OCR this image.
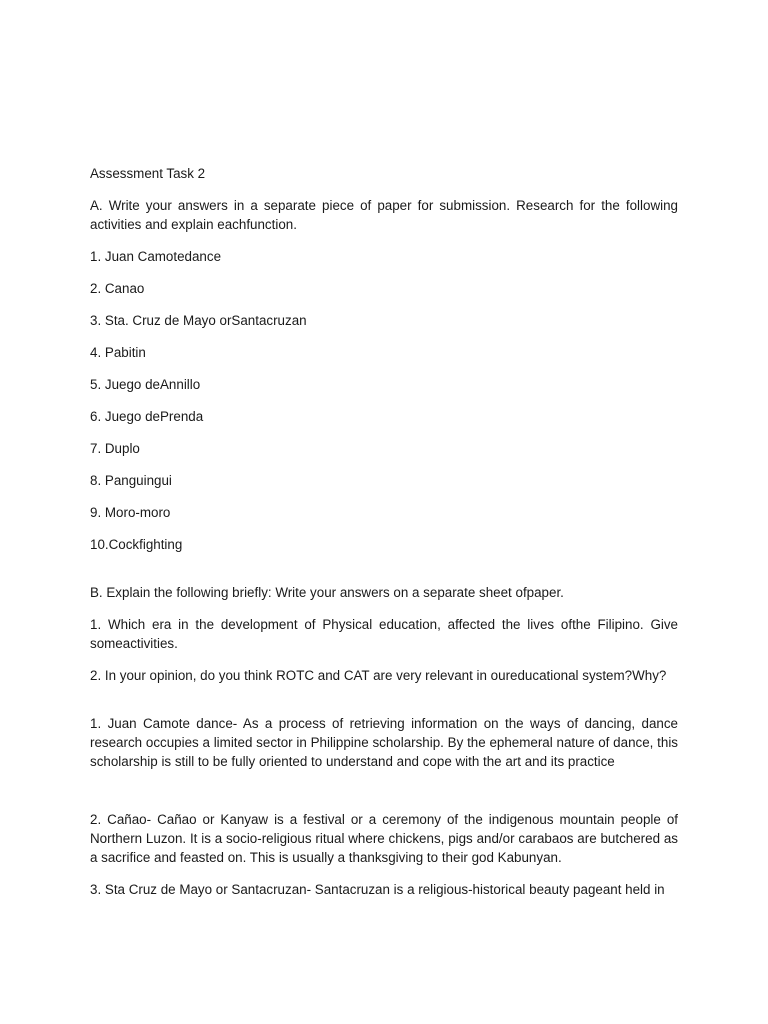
Assessment Task 2

A. Write your answers in a separate piece of paper for submission. Research for the following activities and explain eachfunction.

1. Juan Camotedance

2. Canao

3. Sta. Cruz de Mayo orSantacruzan

4. Pabitin

5. Juego deAnnillo

6. Juego dePrenda

7. Duplo

8. Panguingui

9. Moro-moro

10.Cockfighting

B. Explain the following briefly: Write your answers on a separate sheet ofpaper.

1. Which era in the development of Physical education, affected the lives ofthe Filipino. Give someactivities.

2. In your opinion, do you think ROTC and CAT are very relevant in oureducational system?Why?

1. Juan Camote dance- As a process of retrieving information on the ways of dancing, dance research occupies a limited sector in Philippine scholarship. By the ephemeral nature of dance, this scholarship is still to be fully oriented to understand and cope with the art and its practice

2. Cañao- Cañao or Kanyaw is a festival or a ceremony of the indigenous mountain people of Northern Luzon. It is a socio-religious ritual where chickens, pigs and/or carabaos are butchered as a sacrifice and feasted on. This is usually a thanksgiving to their god Kabunyan.

3. Sta Cruz de Mayo or Santacruzan- Santacruzan is a religious-historical beauty pageant held in
